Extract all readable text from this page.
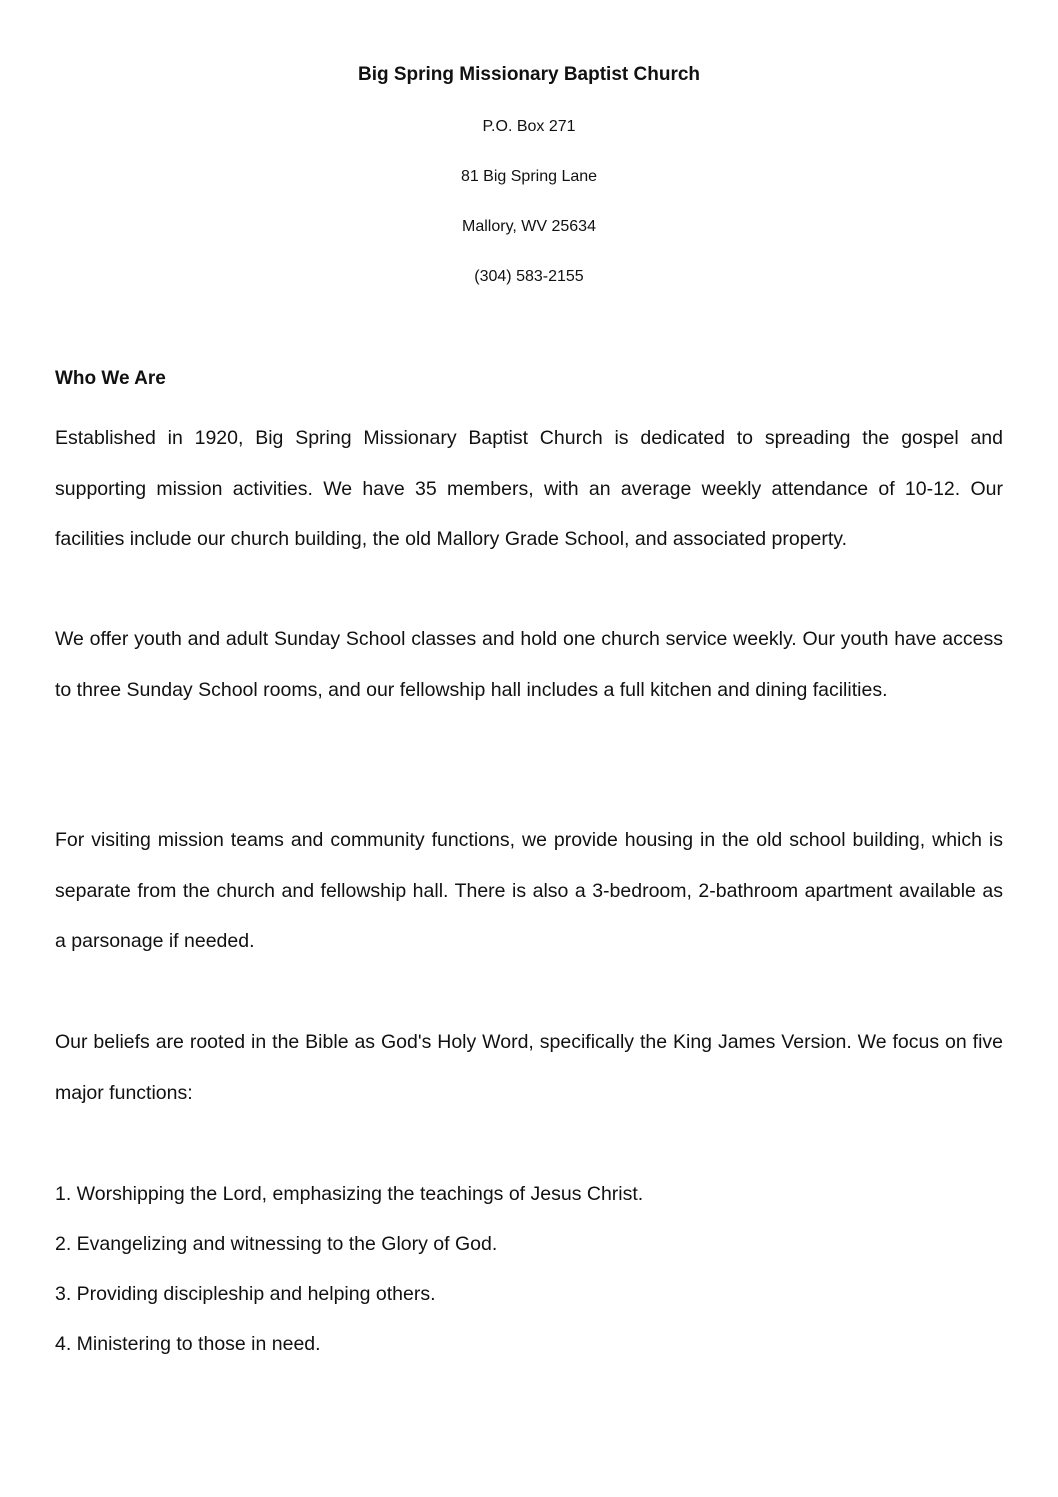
Big Spring Missionary Baptist Church

P.O. Box 271

81 Big Spring Lane

Mallory, WV 25634

(304) 583-2155

Who We Are

Established in 1920, Big Spring Missionary Baptist Church is dedicated to spreading the gospel and supporting mission activities. We have 35 members, with an average weekly attendance of 10-12. Our facilities include our church building, the old Mallory Grade School, and associated property.

We offer youth and adult Sunday School classes and hold one church service weekly. Our youth have access to three Sunday School rooms, and our fellowship hall includes a full kitchen and dining facilities.

For visiting mission teams and community functions, we provide housing in the old school building, which is separate from the church and fellowship hall. There is also a 3-bedroom, 2-bathroom apartment available as a parsonage if needed.

Our beliefs are rooted in the Bible as God's Holy Word, specifically the King James Version. We focus on five major functions:

1. Worshipping the Lord, emphasizing the teachings of Jesus Christ.

2. Evangelizing and witnessing to the Glory of God.

3. Providing discipleship and helping others.

4. Ministering to those in need.
